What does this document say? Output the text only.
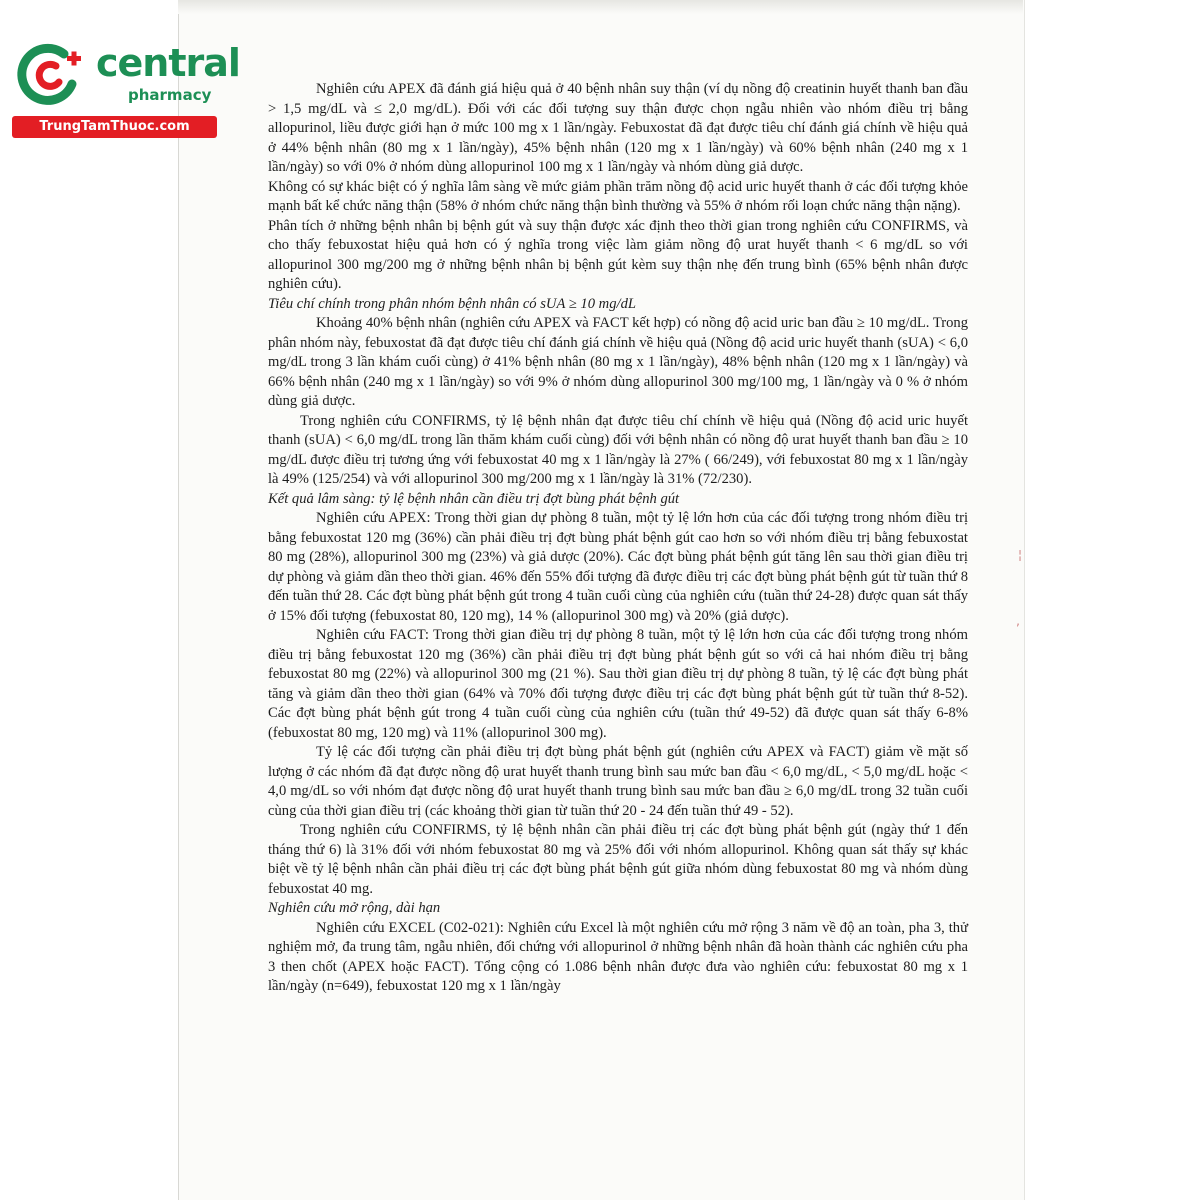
¦
‚
central
pharmacy
TrungTamThuoc.com

Nghiên cứu APEX đã đánh giá hiệu quả ở 40 bệnh nhân suy thận (ví dụ nồng độ creatinin huyết thanh ban đầu > 1,5 mg/dL và ≤ 2,0 mg/dL). Đối với các đối tượng suy thận được chọn ngẫu nhiên vào nhóm điều trị bằng allopurinol, liều được giới hạn ở mức 100 mg x 1 lần/ngày. Febuxostat đã đạt được tiêu chí đánh giá chính về hiệu quả ở 44% bệnh nhân (80 mg x 1 lần/ngày), 45% bệnh nhân (120 mg x 1 lần/ngày) và 60% bệnh nhân (240 mg x 1 lần/ngày) so với 0% ở nhóm dùng allopurinol 100 mg x 1 lần/ngày và nhóm dùng giả dược.

Không có sự khác biệt có ý nghĩa lâm sàng về mức giảm phần trăm nồng độ acid uric huyết thanh ở các đối tượng khỏe mạnh bất kể chức năng thận (58% ở nhóm chức năng thận bình thường và 55% ở nhóm rối loạn chức năng thận nặng).

Phân tích ở những bệnh nhân bị bệnh gút và suy thận được xác định theo thời gian trong nghiên cứu CONFIRMS, và cho thấy febuxostat hiệu quả hơn có ý nghĩa trong việc làm giảm nồng độ urat huyết thanh < 6 mg/dL so với allopurinol 300 mg/200 mg ở những bệnh nhân bị bệnh gút kèm suy thận nhẹ đến trung bình (65% bệnh nhân được nghiên cứu).

Tiêu chí chính trong phân nhóm bệnh nhân có sUA ≥ 10 mg/dL

Khoảng 40% bệnh nhân (nghiên cứu APEX và FACT kết hợp) có nồng độ acid uric ban đầu ≥ 10 mg/dL. Trong phân nhóm này, febuxostat đã đạt được tiêu chí đánh giá chính về hiệu quả (Nồng độ acid uric huyết thanh (sUA) < 6,0 mg/dL trong 3 lần khám cuối cùng) ở 41% bệnh nhân (80 mg x 1 lần/ngày), 48% bệnh nhân (120 mg x 1 lần/ngày) và 66% bệnh nhân (240 mg x 1 lần/ngày) so với 9% ở nhóm dùng allopurinol 300 mg/100 mg, 1 lần/ngày và 0 % ở nhóm dùng giả dược.

Trong nghiên cứu CONFIRMS, tỷ lệ bệnh nhân đạt được tiêu chí chính về hiệu quả (Nồng độ acid uric huyết thanh (sUA) < 6,0 mg/dL trong lần thăm khám cuối cùng) đối với bệnh nhân có nồng độ urat huyết thanh ban đầu ≥ 10 mg/dL được điều trị tương ứng với febuxostat 40 mg x 1 lần/ngày là 27% ( 66/249), với febuxostat 80 mg x 1 lần/ngày là 49% (125/254) và với allopurinol 300 mg/200 mg x 1 lần/ngày là 31% (72/230).

Kết quả lâm sàng: tỷ lệ bệnh nhân cần điều trị đợt bùng phát bệnh gút

Nghiên cứu APEX: Trong thời gian dự phòng 8 tuần, một tỷ lệ lớn hơn của các đối tượng trong nhóm điều trị bằng febuxostat 120 mg (36%) cần phải điều trị đợt bùng phát bệnh gút cao hơn so với nhóm điều trị bằng febuxostat 80 mg (28%), allopurinol 300 mg (23%) và giả dược (20%). Các đợt bùng phát bệnh gút tăng lên sau thời gian điều trị dự phòng và giảm dần theo thời gian. 46% đến 55% đối tượng đã được điều trị các đợt bùng phát bệnh gút từ tuần thứ 8 đến tuần thứ 28. Các đợt bùng phát bệnh gút trong 4 tuần cuối cùng của nghiên cứu (tuần thứ 24-28) được quan sát thấy ở 15% đối tượng (febuxostat 80, 120 mg), 14 % (allopurinol 300 mg) và 20% (giả dược).

Nghiên cứu FACT: Trong thời gian điều trị dự phòng 8 tuần, một tỷ lệ lớn hơn của các đối tượng trong nhóm điều trị bằng febuxostat 120 mg (36%) cần phải điều trị đợt bùng phát bệnh gút so với cả hai nhóm điều trị bằng febuxostat 80 mg (22%) và allopurinol 300 mg (21 %). Sau thời gian điều trị dự phòng 8 tuần, tỷ lệ các đợt bùng phát tăng và giảm dần theo thời gian (64% và 70% đối tượng được điều trị các đợt bùng phát bệnh gút từ tuần thứ 8-52). Các đợt bùng phát bệnh gút trong 4 tuần cuối cùng của nghiên cứu (tuần thứ 49-52) đã được quan sát thấy 6-8% (febuxostat 80 mg, 120 mg) và 11% (allopurinol 300 mg).

Tỷ lệ các đối tượng cần phải điều trị đợt bùng phát bệnh gút (nghiên cứu APEX và FACT) giảm về mặt số lượng ở các nhóm đã đạt được nồng độ urat huyết thanh trung bình sau mức ban đầu < 6,0 mg/dL, < 5,0 mg/dL hoặc < 4,0 mg/dL so với nhóm đạt được nồng độ urat huyết thanh trung bình sau mức ban đầu ≥ 6,0 mg/dL trong 32 tuần cuối cùng của thời gian điều trị (các khoảng thời gian từ tuần thứ 20 - 24 đến tuần thứ 49 - 52).

Trong nghiên cứu CONFIRMS, tỷ lệ bệnh nhân cần phải điều trị các đợt bùng phát bệnh gút (ngày thứ 1 đến tháng thứ 6) là 31% đối với nhóm febuxostat 80 mg và 25% đối với nhóm allopurinol. Không quan sát thấy sự khác biệt về tỷ lệ bệnh nhân cần phải điều trị các đợt bùng phát bệnh gút giữa nhóm dùng febuxostat 80 mg và nhóm dùng febuxostat 40 mg.

Nghiên cứu mở rộng, dài hạn

Nghiên cứu EXCEL (C02-021): Nghiên cứu Excel là một nghiên cứu mở rộng 3 năm về độ an toàn, pha 3, thử nghiệm mở, đa trung tâm, ngẫu nhiên, đối chứng với allopurinol ở những bệnh nhân đã hoàn thành các nghiên cứu pha 3 then chốt (APEX hoặc FACT). Tổng cộng có 1.086 bệnh nhân được đưa vào nghiên cứu: febuxostat 80 mg x 1 lần/ngày (n=649), febuxostat 120 mg x 1 lần/ngày
